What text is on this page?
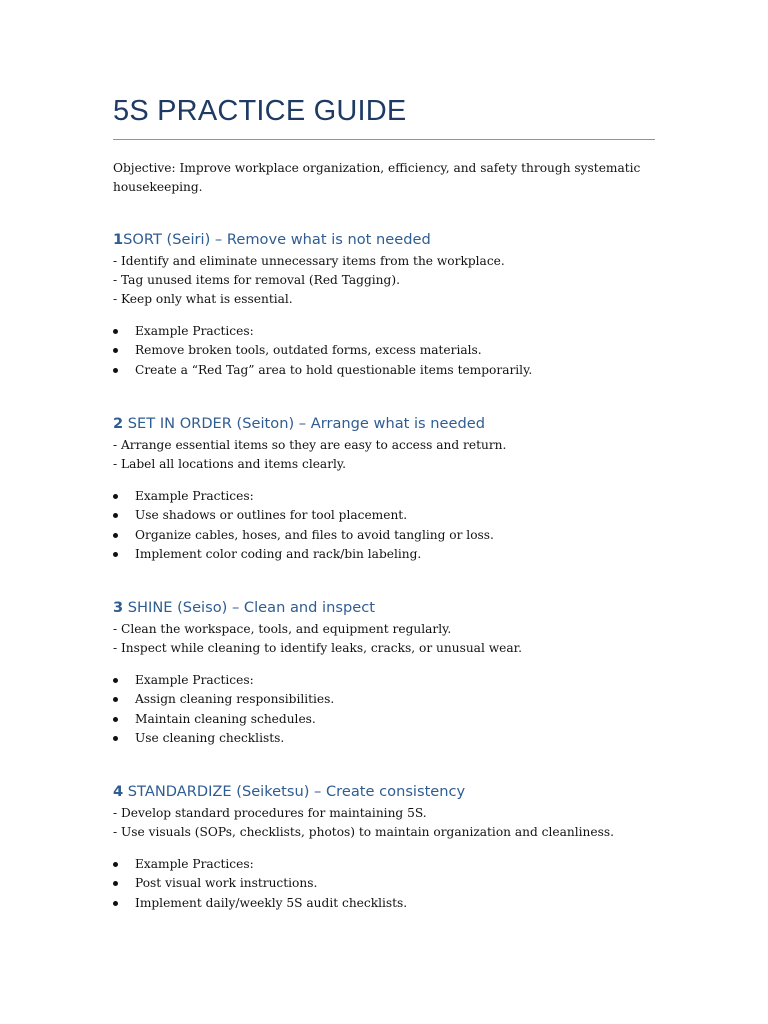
5S PRACTICE GUIDE
Objective: Improve workplace organization, efficiency, and safety through systematic housekeeping.
1SORT (Seiri) – Remove what is not needed
- Identify and eliminate unnecessary items from the workplace.
- Tag unused items for removal (Red Tagging).
- Keep only what is essential.
Example Practices:
Remove broken tools, outdated forms, excess materials.
Create a “Red Tag” area to hold questionable items temporarily.
2 SET IN ORDER (Seiton) – Arrange what is needed
- Arrange essential items so they are easy to access and return.
- Label all locations and items clearly.
Example Practices:
Use shadows or outlines for tool placement.
Organize cables, hoses, and files to avoid tangling or loss.
Implement color coding and rack/bin labeling.
3 SHINE (Seiso) – Clean and inspect
- Clean the workspace, tools, and equipment regularly.
- Inspect while cleaning to identify leaks, cracks, or unusual wear.
Example Practices:
Assign cleaning responsibilities.
Maintain cleaning schedules.
Use cleaning checklists.
4 STANDARDIZE (Seiketsu) – Create consistency
- Develop standard procedures for maintaining 5S.
- Use visuals (SOPs, checklists, photos) to maintain organization and cleanliness.
Example Practices:
Post visual work instructions.
Implement daily/weekly 5S audit checklists.
